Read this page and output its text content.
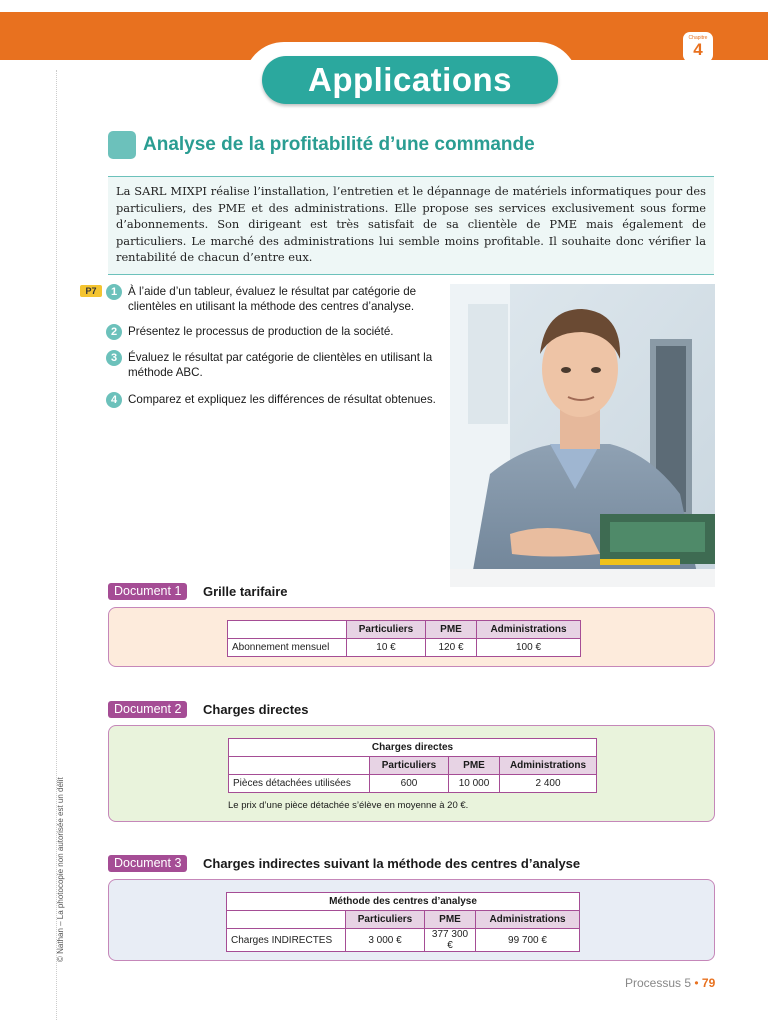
Applications
Chapitre
4
Analyse de la profitabilité d’une commande
La SARL MIXPI réalise l’installation, l’entretien et le dépannage de matériels informatiques pour des particuliers, des PME et des administrations. Elle propose ses services exclusivement sous forme d’abonnements. Son dirigeant est très satisfait de sa clientèle de PME mais également de particuliers. Le marché des administrations lui semble moins profitable. Il souhaite donc vérifier la rentabilité de chacun d’entre eux.
P7	1 À l’aide d’un tableur, évaluez le résultat par catégorie de clientèles en utilisant la méthode des centres d’analyse.
2 Présentez le processus de production de la société.
3 Évaluez le résultat par catégorie de clientèles en utilisant la méthode ABC.
4 Comparez et expliquez les différences de résultat obtenues.
Document 1	Grille tarifaire
	Particuliers	PME	Administrations
Abonnement mensuel	10 €	120 €	100 €
Document 2	Charges directes
Charges directes			
	Particuliers	PME	Administrations
Pièces détachées utilisées	600	10 000	2 400
Le prix d’une pièce détachée s’élève en moyenne à 20 €.
Document 3	Charges indirectes suivant la méthode des centres d’analyse
Méthode des centres d’analyse			
	Particuliers	PME	Administrations
Charges INDIRECTES	3 000 €	377 300 €	99 700 €
© Nathan – La photocopie non autorisée est un délit
Processus 5 • 79
